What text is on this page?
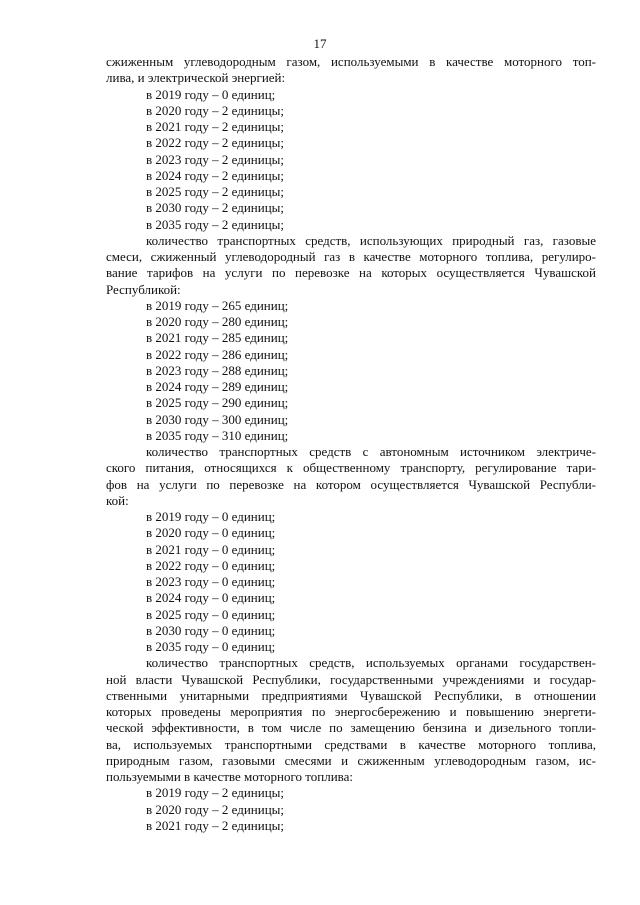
17
сжиженным углеводородным газом, используемыми в качестве моторного топ-
лива, и электрической энергией:
в 2019 году – 0 единиц;
в 2020 году – 2 единицы;
в 2021 году – 2 единицы;
в 2022 году – 2 единицы;
в 2023 году – 2 единицы;
в 2024 году – 2 единицы;
в 2025 году – 2 единицы;
в 2030 году – 2 единицы;
в 2035 году – 2 единицы;
количество транспортных средств, использующих природный газ, газовые
смеси, сжиженный углеводородный газ в качестве моторного топлива, регулиро-
вание тарифов на услуги по перевозке на которых осуществляется Чувашской
Республикой:
в 2019 году – 265 единиц;
в 2020 году – 280 единиц;
в 2021 году – 285 единиц;
в 2022 году – 286 единиц;
в 2023 году – 288 единиц;
в 2024 году – 289 единиц;
в 2025 году – 290 единиц;
в 2030 году – 300 единиц;
в 2035 году – 310 единиц;
количество транспортных средств с автономным источником электриче-
ского питания, относящихся к общественному транспорту, регулирование тари-
фов на услуги по перевозке на котором осуществляется Чувашской Республи-
кой:
в 2019 году – 0 единиц;
в 2020 году – 0 единиц;
в 2021 году – 0 единиц;
в 2022 году – 0 единиц;
в 2023 году – 0 единиц;
в 2024 году – 0 единиц;
в 2025 году – 0 единиц;
в 2030 году – 0 единиц;
в 2035 году – 0 единиц;
количество транспортных средств, используемых органами государствен-
ной власти Чувашской Республики, государственными учреждениями и государ-
ственными унитарными предприятиями Чувашской Республики, в отношении
которых проведены мероприятия по энергосбережению и повышению энергети-
ческой эффективности, в том числе по замещению бензина и дизельного топли-
ва, используемых транспортными средствами в качестве моторного топлива,
природным газом, газовыми смесями и сжиженным углеводородным газом, ис-
пользуемыми в качестве моторного топлива:
в 2019 году – 2 единицы;
в 2020 году – 2 единицы;
в 2021 году – 2 единицы;
